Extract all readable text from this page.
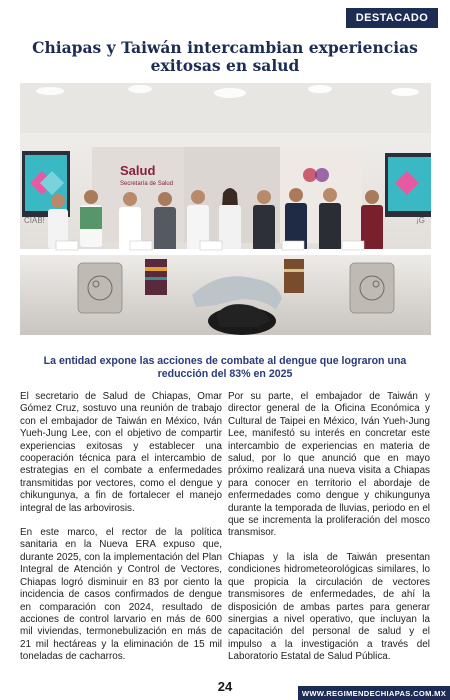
DESTACADO
Chiapas y Taiwán intercambian experiencias exitosas en salud
CIAB!	¡G
Salud
Secretaría de Salud

La entidad expone las acciones de combate al dengue que lograron una reducción del 83% en 2025

El secretario de Salud de Chiapas, Omar Gómez Cruz, sostuvo una reunión de trabajo con el embajador de Taiwán en México, Iván Yueh-Jung Lee, con el objetivo de compartir experiencias exitosas y establecer una cooperación técnica para el intercambio de estrategias en el combate a enfermedades transmitidas por vectores, como el dengue y chikungunya, a fin de fortalecer el manejo integral de las arbovirosis.

En este marco, el rector de la política sanitaria en la Nueva ERA expuso que, durante 2025, con la implementación del Plan Integral de Atención y Control de Vectores, Chiapas logró disminuir en 83 por ciento la incidencia de casos confirmados de dengue en comparación con 2024, resultado de acciones de control larvario en más de 600 mil viviendas, termonebulización en más de 21 mil hectáreas y la eliminación de 15 mil toneladas de cacharros.

Por su parte, el embajador de Taiwán y director general de la Oficina Económica y Cultural de Taipei en México, Iván Yueh-Jung Lee, manifestó su interés en concretar este intercambio de experiencias en materia de salud, por lo que anunció que en mayo próximo realizará una nueva visita a Chiapas para conocer en territorio el abordaje de enfermedades como dengue y chikungunya durante la temporada de lluvias, periodo en el que se incrementa la proliferación del mosco transmisor.

Chiapas y la isla de Taiwán presentan condiciones hidrometeorológicas similares, lo que propicia la circulación de vectores transmisores de enfermedades, de ahí la disposición de ambas partes para generar sinergias a nivel operativo, que incluyan la capacitación del personal de salud y el impulso a la investigación a través del Laboratorio Estatal de Salud Pública.

24	WWW.REGIMENDECHIAPAS.COM.MX
